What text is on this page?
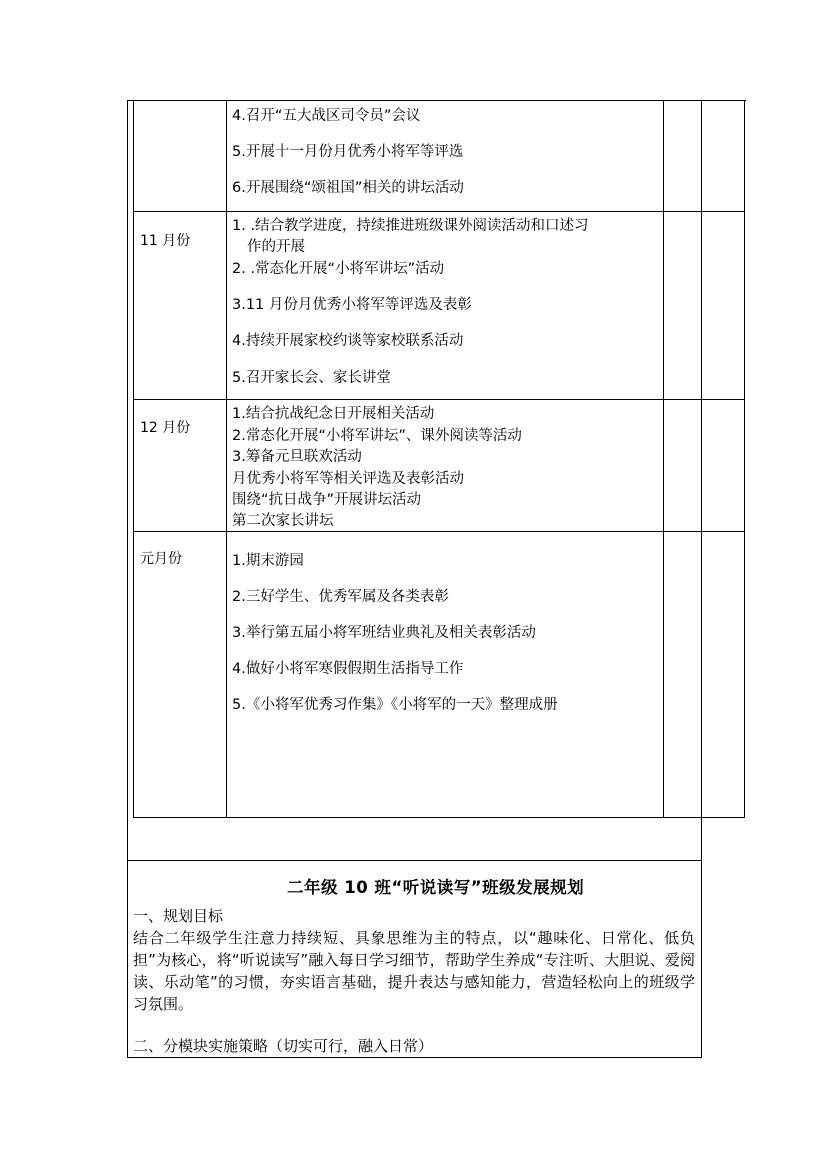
4.召开“五大战区司令员”会议
5.开展十一月份月优秀小将军等评选
6.开展围绕“颂祖国”相关的讲坛活动
11 月份
1. .结合教学进度，持续推进班级课外阅读活动和口述习
作的开展
2. .常态化开展“小将军讲坛”活动
3.11 月份月优秀小将军等评选及表彰
4.持续开展家校约谈等家校联系活动
5.召开家长会、家长讲堂
12 月份
1.结合抗战纪念日开展相关活动
2.常态化开展“小将军讲坛”、课外阅读等活动
3.筹备元旦联欢活动
月优秀小将军等相关评选及表彰活动
围绕“抗日战争”开展讲坛活动
第二次家长讲坛
元月份	1.期末游园
2.三好学生、优秀军属及各类表彰
3.举行第五届小将军班结业典礼及相关表彰活动
4.做好小将军寒假假期生活指导工作
5.《小将军优秀习作集》《小将军的一天》整理成册
二年级 10 班“听说读写”班级发展规划
一、规划目标
结合二年级学生注意力持续短、具象思维为主的特点，以“趣味化、日常化、低负担”为核心，将“听说读写”融入每日学习细节，帮助学生养成“专注听、大胆说、爱阅读、乐动笔”的习惯，夯实语言基础，提升表达与感知能力，营造轻松向上的班级学习氛围。
二、分模块实施策略（切实可行，融入日常）
